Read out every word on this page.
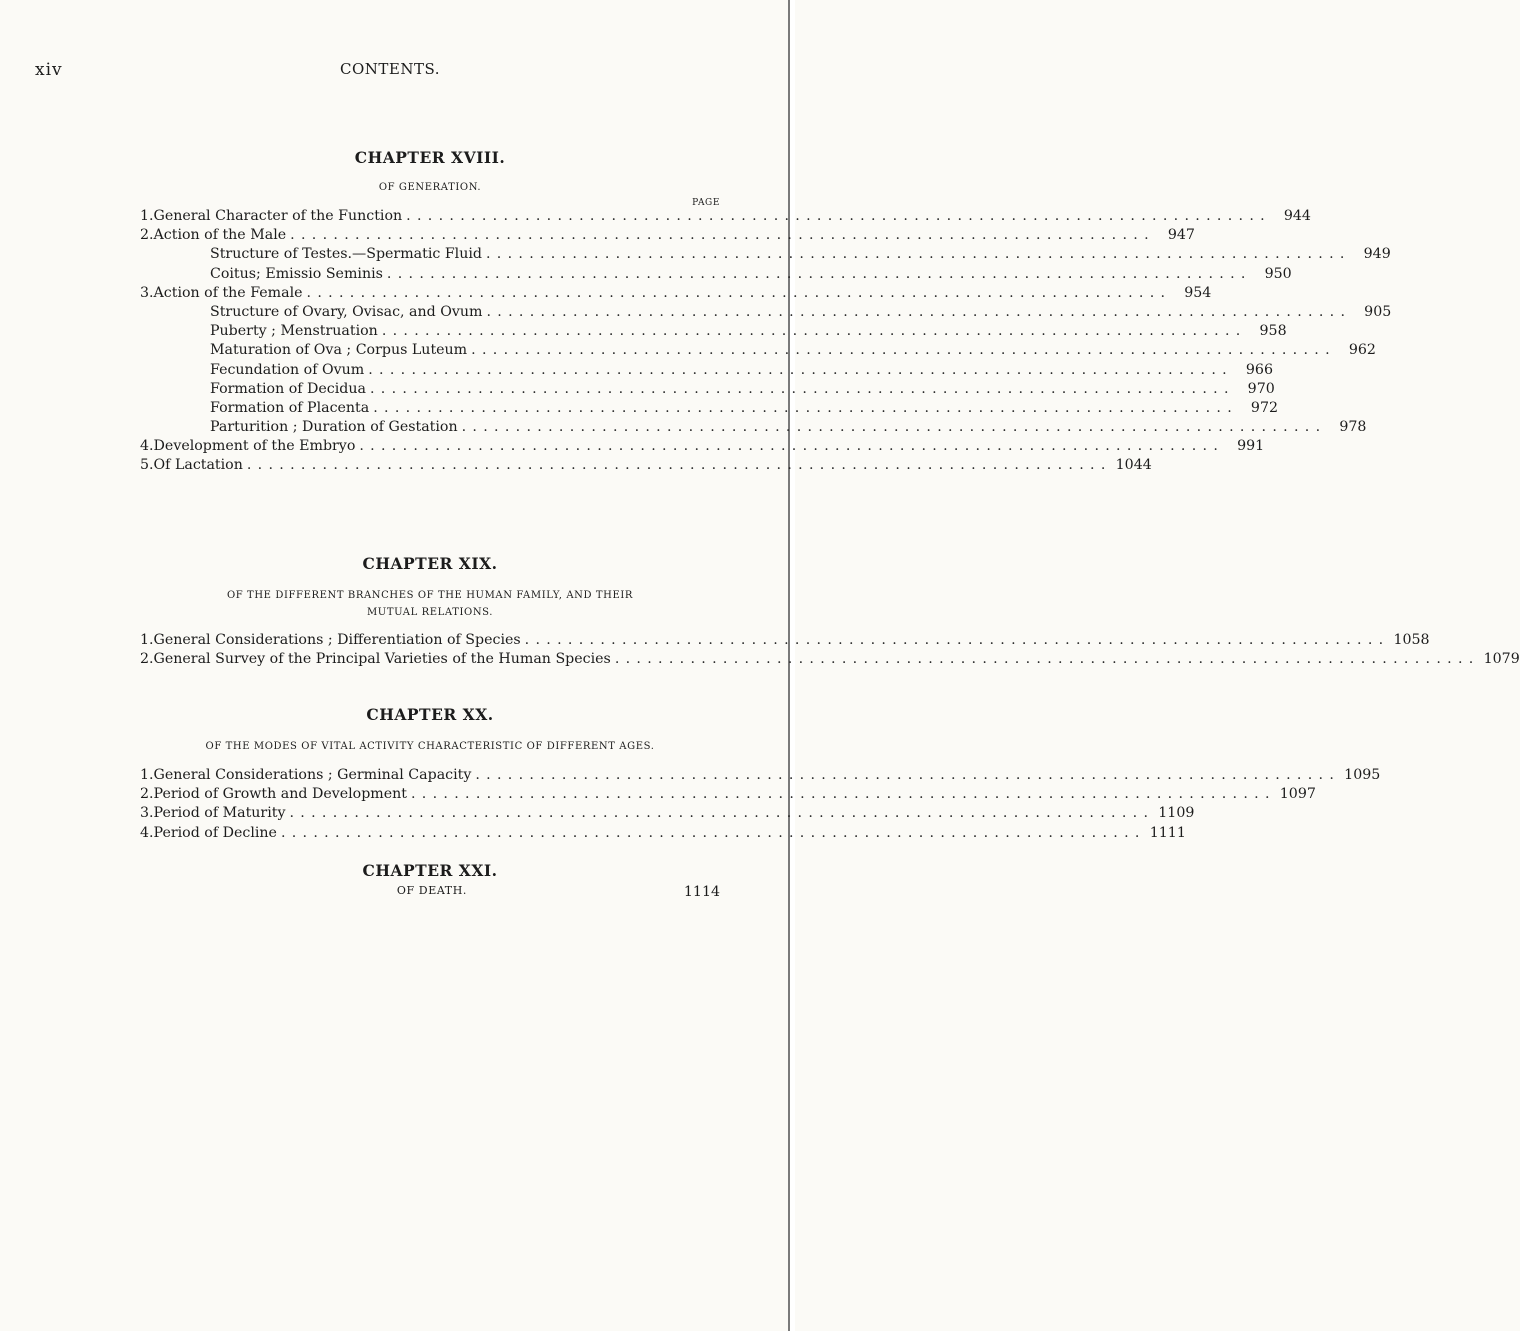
xiv	CONTENTS.
CHAPTER XVIII.

OF GENERATION.

PAGE

1. General Character of the Function ................................................................................ 944
2. Action of the Male ................................................................................ 947
Structure of Testes.—Spermatic Fluid ................................................................................ 949
Coitus; Emissio Seminis ................................................................................ 950
3. Action of the Female ................................................................................ 954
Structure of Ovary, Ovisac, and Ovum ................................................................................ 905
Puberty ; Menstruation ................................................................................ 958
Maturation of Ova ; Corpus Luteum ................................................................................ 962
Fecundation of Ovum ................................................................................ 966
Formation of Decidua ................................................................................ 970
Formation of Placenta ................................................................................ 972
Parturition ; Duration of Gestation ................................................................................ 978
4. Development of the Embryo ................................................................................ 991
5. Of Lactation ................................................................................ 1044
CHAPTER XIX.

OF THE DIFFERENT BRANCHES OF THE HUMAN FAMILY, AND THEIR

MUTUAL RELATIONS.

1. General Considerations ; Differentiation of Species ................................................................................ 1058
2. General Survey of the Principal Varieties of the Human Species ................................................................................ 1079
CHAPTER XX.

OF THE MODES OF VITAL ACTIVITY CHARACTERISTIC OF DIFFERENT AGES.

1. General Considerations ; Germinal Capacity ................................................................................ 1095
2. Period of Growth and Development ................................................................................ 1097
3. Period of Maturity ................................................................................ 1109
4. Period of Decline ................................................................................ 1111
CHAPTER XXI.
OF DEATH.	1114
